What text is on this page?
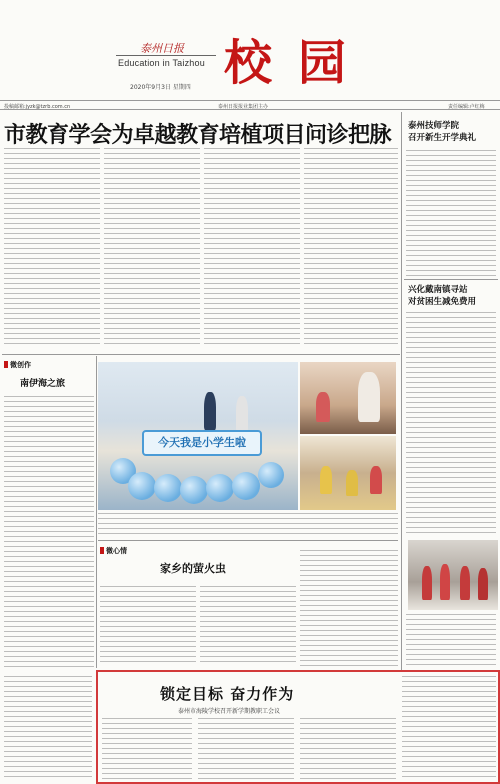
泰州日报
Education in Taizhou 校园
2020年9月3日 星期四
投稿邮箱:jyzk@tzrb.com.cn	泰州日报报业集团主办	责任编辑:卢红梅
市教育学会为卓越教育培植项目问诊把脉 泰州技师学院
召开新生开学典礼
兴化戴南镇寻站
对贫困生减免费用
微创作
南伊海之旅
今天我是小学生啦
微心情
家乡的萤火虫
锁定目标 奋力作为
泰州市海陵学校召开新学期教职工会议
